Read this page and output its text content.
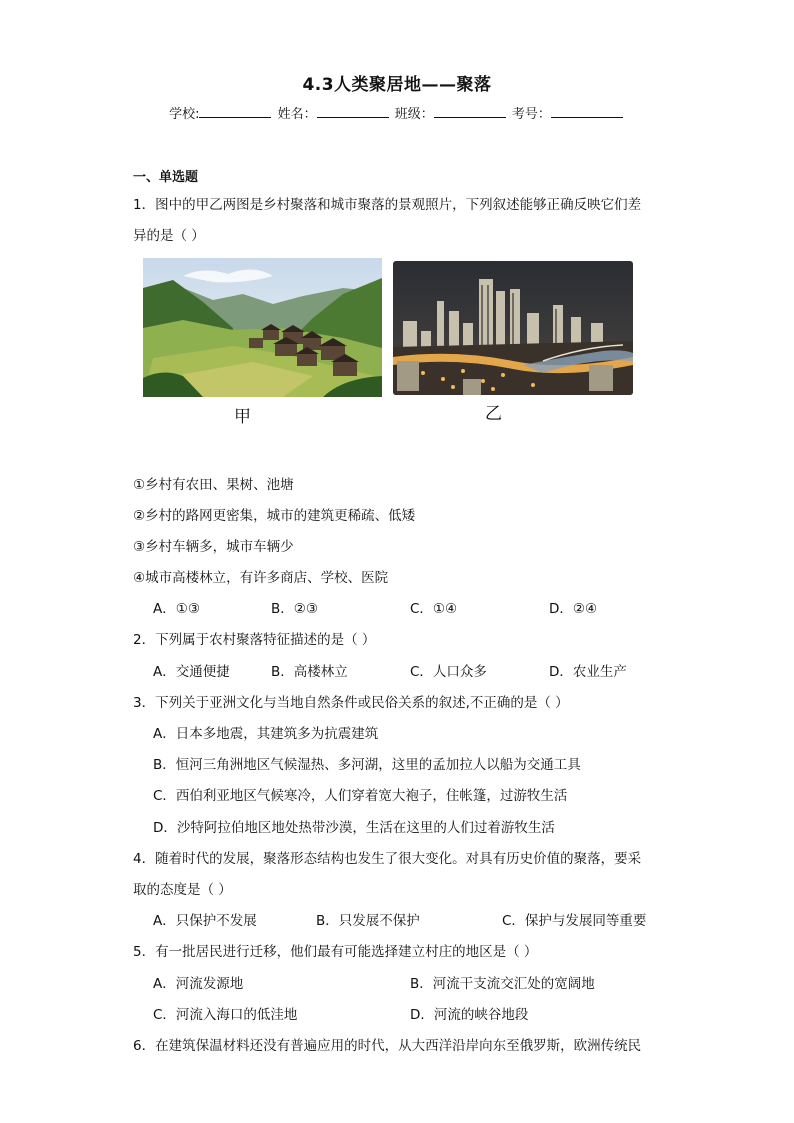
4.3人类聚居地——聚落
学校:	姓名：	班级：	考号：
一、单选题
1．图中的甲乙两图是乡村聚落和城市聚落的景观照片，下列叙述能够正确反映它们差
异的是（ ）
甲	乙
①乡村有农田、果树、池塘
②乡村的路网更密集，城市的建筑更稀疏、低矮
③乡村车辆多，城市车辆少
④城市高楼林立，有许多商店、学校、医院
A．①③	B．②③	C．①④	D．②④
2．下列属于农村聚落特征描述的是（ ）
A．交通便捷	B．高楼林立	C．人口众多	D．农业生产
3．下列关于亚洲文化与当地自然条件或民俗关系的叙述,不正确的是（ ）
A．日本多地震，其建筑多为抗震建筑
B．恒河三角洲地区气候湿热、多河湖，这里的孟加拉人以船为交通工具
C．西伯利亚地区气候寒冷，人们穿着宽大袍子，住帐篷，过游牧生活
D．沙特阿拉伯地区地处热带沙漠，生活在这里的人们过着游牧生活
4．随着时代的发展，聚落形态结构也发生了很大变化。对具有历史价值的聚落，要采
取的态度是（ ）
A．只保护不发展	B．只发展不保护	C．保护与发展同等重要
5．有一批居民进行迁移，他们最有可能选择建立村庄的地区是（ ）
A．河流发源地	B．河流干支流交汇处的宽阔地
C．河流入海口的低洼地	D．河流的峡谷地段
6．在建筑保温材料还没有普遍应用的时代，从大西洋沿岸向东至俄罗斯，欧洲传统民
